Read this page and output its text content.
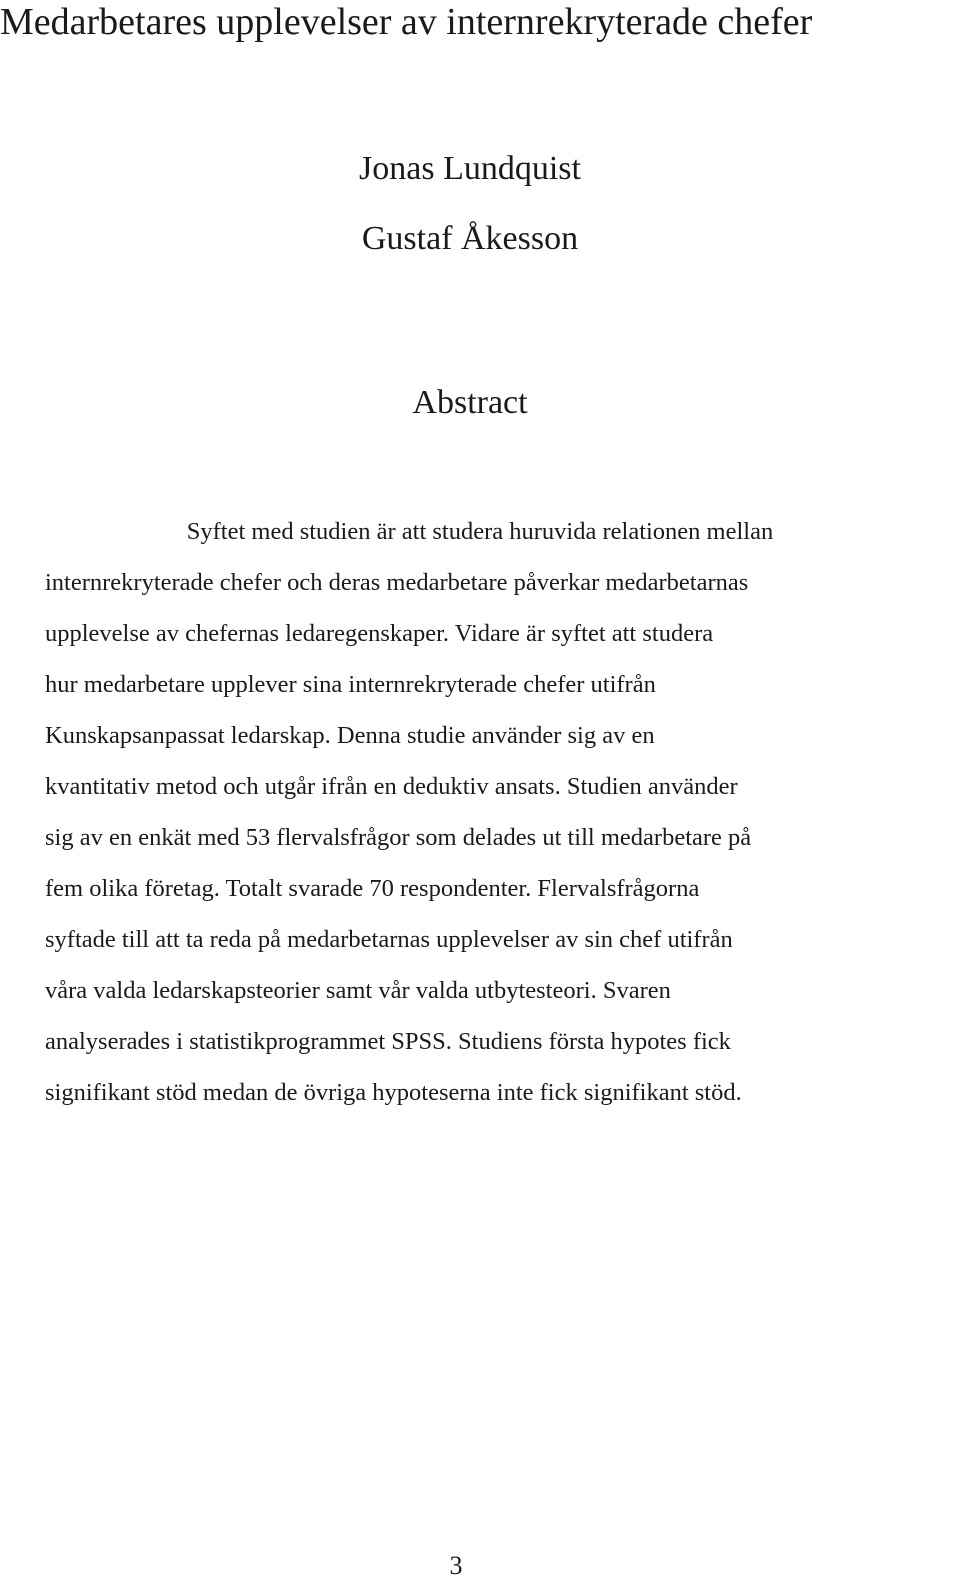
Medarbetares upplevelser av internrekryterade chefer
Jonas Lundquist
Gustaf Åkesson
Abstract
Syftet med studien är att studera huruvida relationen mellan
internrekryterade chefer och deras medarbetare påverkar medarbetarnas
upplevelse av chefernas ledaregenskaper. Vidare är syftet att studera
hur medarbetare upplever sina internrekryterade chefer utifrån
Kunskapsanpassat ledarskap. Denna studie använder sig av en
kvantitativ metod och utgår ifrån en deduktiv ansats. Studien använder
sig av en enkät med 53 flervalsfrågor som delades ut till medarbetare på
fem olika företag. Totalt svarade 70 respondenter. Flervalsfrågorna
syftade till att ta reda på medarbetarnas upplevelser av sin chef utifrån
våra valda ledarskapsteorier samt vår valda utbytesteori. Svaren
analyserades i statistikprogrammet SPSS. Studiens första hypotes fick
signifikant stöd medan de övriga hypoteserna inte fick signifikant stöd.
3
